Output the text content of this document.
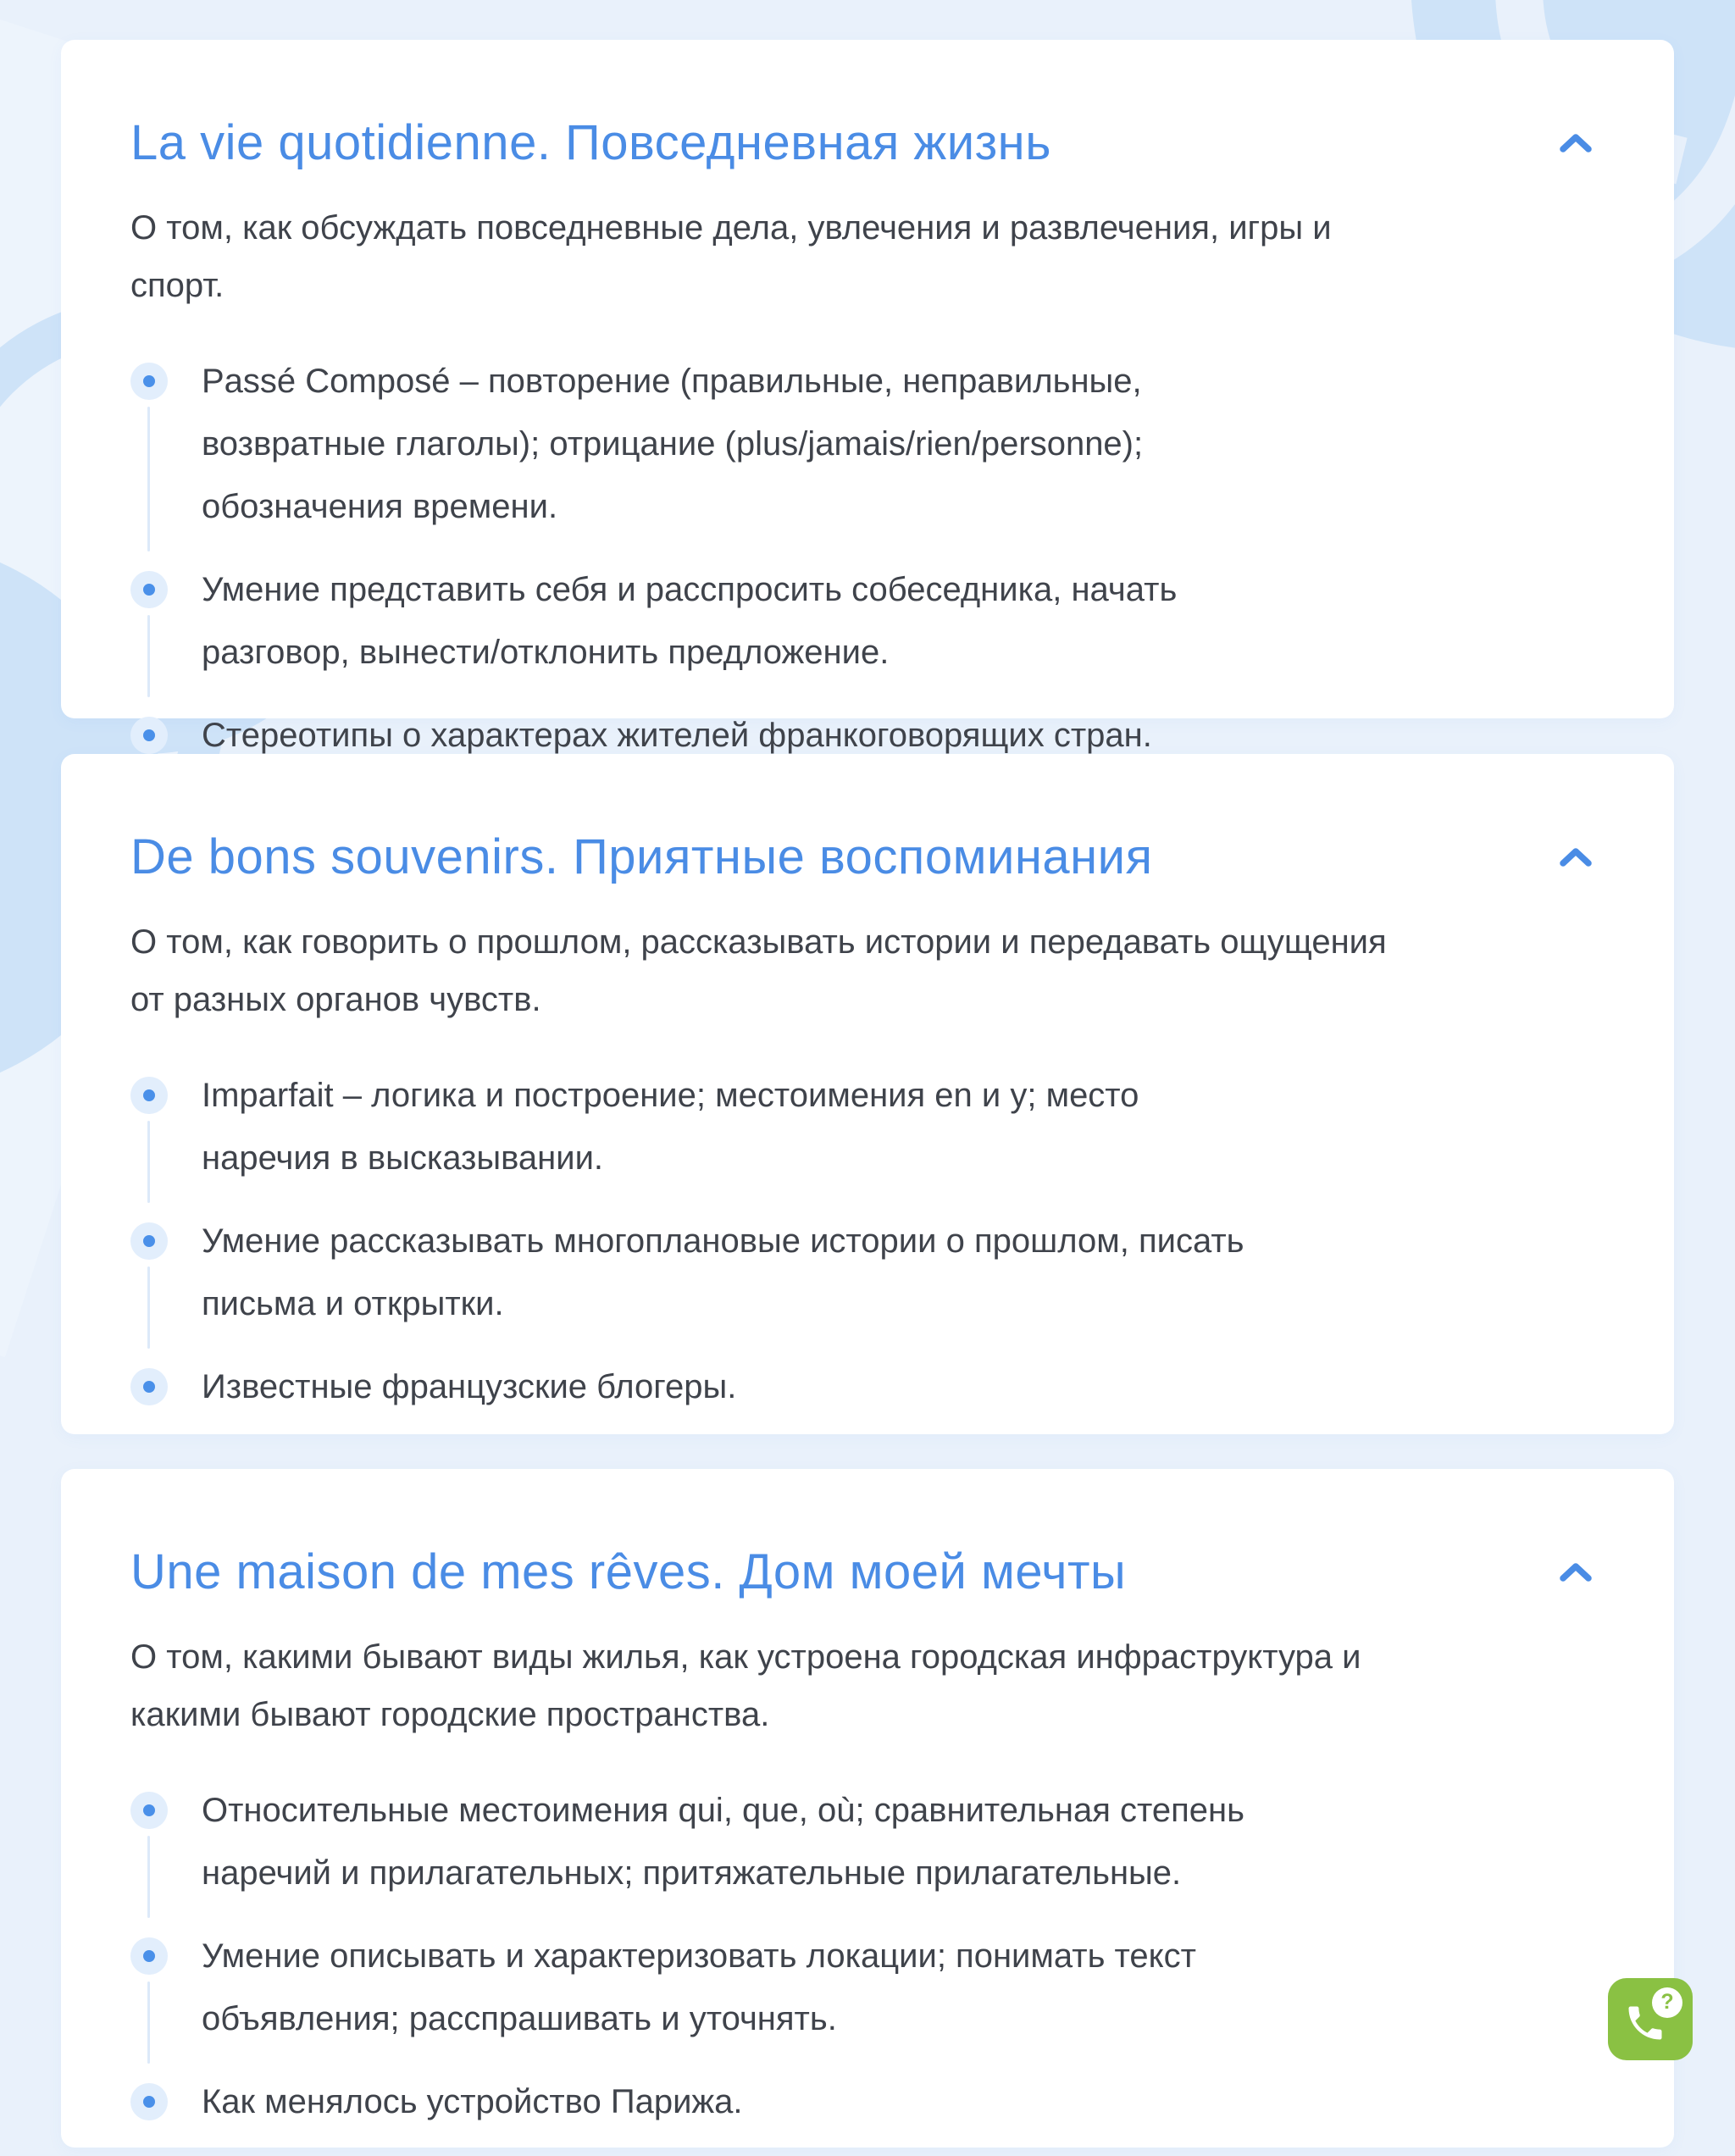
La vie quotidienne. Повседневная жизнь

О том, как обсуждать повседневные дела, увлечения и развлечения, игры и спорт.

Passé Composé – повторение (правильные, неправильные, возвратные глаголы); отрицание (plus/jamais/rien/personne); обозначения времени.
Умение представить себя и расспросить собеседника, начать разговор, вынести/отклонить предложение.
Стереотипы о характерах жителей франкоговорящих стран.
De bons souvenirs. Приятные воспоминания

О том, как говорить о прошлом, рассказывать истории и передавать ощущения от разных органов чувств.

Imparfait – логика и построение; местоимения en и y; место наречия в высказывании.
Умение рассказывать многоплановые истории о прошлом, писать письма и открытки.
Известные французские блогеры.
Une maison de mes rêves. Дом моей мечты

О том, какими бывают виды жилья, как устроена городская инфраструктура и какими бывают городские пространства.

Относительные местоимения qui, que, où; сравнительная степень наречий и прилагательных; притяжательные прилагательные.
Умение описывать и характеризовать локации; понимать текст объявления; расспрашивать и уточнять.
Как менялось устройство Парижа.
?
